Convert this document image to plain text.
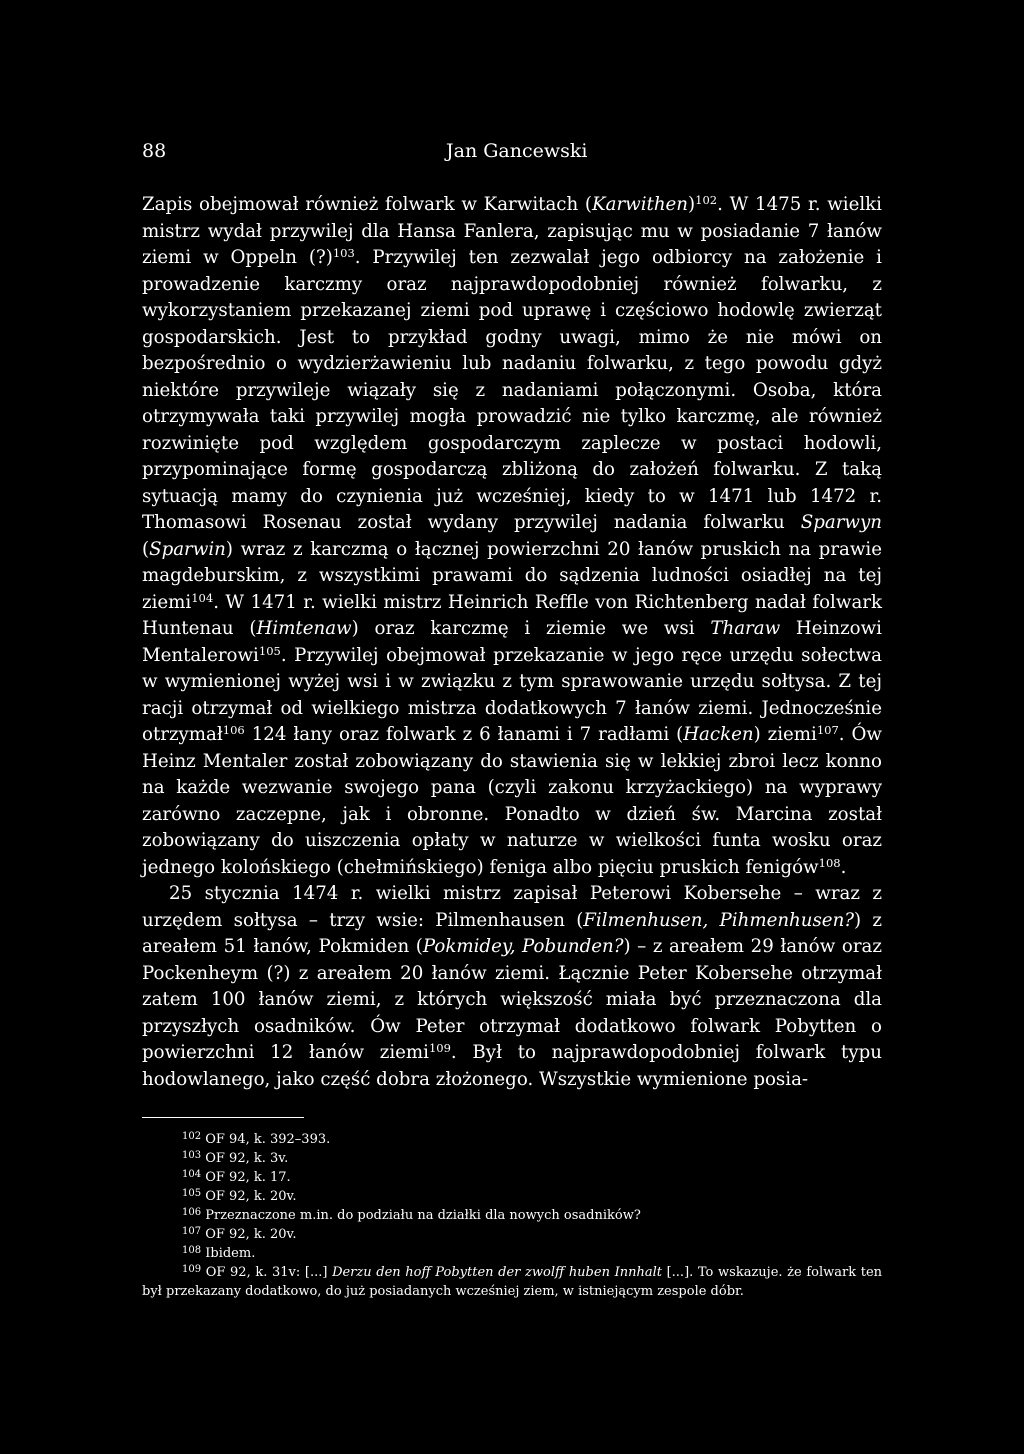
88	Jan Gancewski

Zapis obejmował również folwark w Karwitach (Karwithen)$^{102}$. W 1475 r. wielki mistrz wydał przywilej dla Hansa Fanlera, zapisując mu w posiadanie 7 łanów ziemi w Oppeln (?)$^{103}$. Przywilej ten zezwalał jego odbiorcy na założenie i prowadzenie karczmy oraz najprawdopodobniej również folwarku, z wykorzystaniem przekazanej ziemi pod uprawę i częściowo hodowlę zwierząt gospodarskich. Jest to przykład godny uwagi, mimo że nie mówi on bezpośrednio o wydzierżawieniu lub nadaniu folwarku, z tego powodu gdyż niektóre przywileje wiązały się z nadaniami połączonymi. Osoba, która otrzymywała taki przywilej mogła prowadzić nie tylko karczmę, ale również rozwinięte pod względem gospodarczym zaplecze w postaci hodowli, przypominające formę gospodarczą zbliżoną do założeń folwarku. Z taką sytuacją mamy do czynienia już wcześniej, kiedy to w 1471 lub 1472 r. Thomasowi Rosenau został wydany przywilej nadania folwarku Sparwyn (Sparwin) wraz z karczmą o łącznej powierzchni 20 łanów pruskich na prawie magdeburskim, z wszystkimi prawami do sądzenia ludności osiadłej na tej ziemi$^{104}$. W 1471 r. wielki mistrz Heinrich Reffle von Richtenberg nadał folwark Huntenau (Himtenaw) oraz karczmę i ziemie we wsi Tharaw Heinzowi Mentalerowi$^{105}$. Przywilej obejmował przekazanie w jego ręce urzędu sołectwa w wymienionej wyżej wsi i w związku z tym sprawowanie urzędu sołtysa. Z tej racji otrzymał od wielkiego mistrza dodatkowych 7 łanów ziemi. Jednocześnie otrzymał$^{106}$ 124 łany oraz folwark z 6 łanami i 7 radłami (Hacken) ziemi$^{107}$. Ów Heinz Mentaler został zobowiązany do stawienia się w lekkiej zbroi lecz konno na każde wezwanie swojego pana (czyli zakonu krzyżackiego) na wyprawy zarówno zaczepne, jak i obronne. Ponadto w dzień św. Marcina został zobowiązany do uiszczenia opłaty w naturze w wielkości funta wosku oraz jednego kolońskiego (chełmińskiego) feniga albo pięciu pruskich fenigów$^{108}$.

25 stycznia 1474 r. wielki mistrz zapisał Peterowi Kobersehe – wraz z urzędem sołtysa – trzy wsie: Pilmenhausen (Filmenhusen, Pihmenhusen?) z areałem 51 łanów, Pokmiden (Pokmidey, Pobunden?) – z areałem 29 łanów oraz Pockenheym (?) z areałem 20 łanów ziemi. Łącznie Peter Kobersehe otrzymał zatem 100 łanów ziemi, z których większość miała być przeznaczona dla przyszłych osadników. Ów Peter otrzymał dodatkowo folwark Pobytten o powierzchni 12 łanów ziemi$^{109}$. Był to najprawdopodobniej folwark typu hodowlanego, jako część dobra złożonego. Wszystkie wymienione posia-

$^{102}$ OF 94, k. 392–393.

$^{103}$ OF 92, k. 3v.

$^{104}$ OF 92, k. 17.

$^{105}$ OF 92, k. 20v.

$^{106}$ Przeznaczone m.in. do podziału na działki dla nowych osadników?

$^{107}$ OF 92, k. 20v.

$^{108}$ Ibidem.

$^{109}$ OF 92, k. 31v: [...] Derzu den hoff Pobytten der zwolff huben Innhalt [...]. To wskazuje. że folwark ten był przekazany dodatkowo, do już posiadanych wcześniej ziem, w istniejącym zespole dóbr.
